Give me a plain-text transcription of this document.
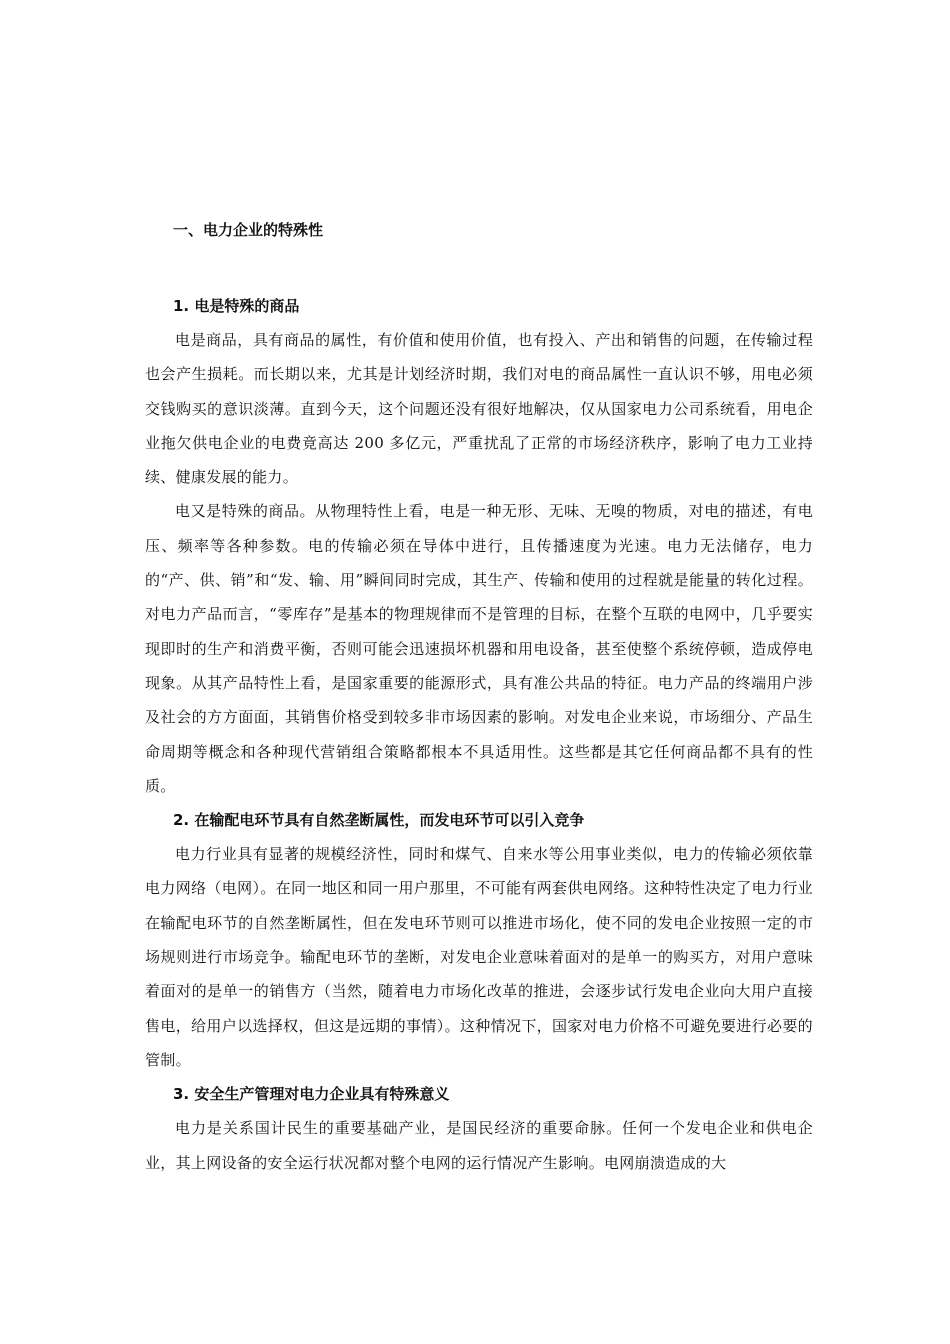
一、电力企业的特殊性
1. 电是特殊的商品

电是商品，具有商品的属性，有价值和使用价值，也有投入、产出和销售的问题，在传输过程也会产生损耗。而长期以来，尤其是计划经济时期，我们对电的商品属性一直认识不够，用电必须交钱购买的意识淡薄。直到今天，这个问题还没有很好地解决，仅从国家电力公司系统看，用电企业拖欠供电企业的电费竟高达 200 多亿元，严重扰乱了正常的市场经济秩序，影响了电力工业持续、健康发展的能力。

电又是特殊的商品。从物理特性上看，电是一种无形、无味、无嗅的物质，对电的描述，有电压、频率等各种参数。电的传输必须在导体中进行，且传播速度为光速。电力无法储存，电力的“产、供、销”和“发、输、用”瞬间同时完成，其生产、传输和使用的过程就是能量的转化过程。对电力产品而言，“零库存”是基本的物理规律而不是管理的目标，在整个互联的电网中，几乎要实现即时的生产和消费平衡，否则可能会迅速损坏机器和用电设备，甚至使整个系统停顿，造成停电现象。从其产品特性上看，是国家重要的能源形式，具有准公共品的特征。电力产品的终端用户涉及社会的方方面面，其销售价格受到较多非市场因素的影响。对发电企业来说，市场细分、产品生命周期等概念和各种现代营销组合策略都根本不具适用性。这些都是其它任何商品都不具有的性质。

2. 在输配电环节具有自然垄断属性，而发电环节可以引入竞争

电力行业具有显著的规模经济性，同时和煤气、自来水等公用事业类似，电力的传输必须依靠电力网络（电网）。在同一地区和同一用户那里，不可能有两套供电网络。这种特性决定了电力行业在输配电环节的自然垄断属性，但在发电环节则可以推进市场化，使不同的发电企业按照一定的市场规则进行市场竞争。输配电环节的垄断，对发电企业意味着面对的是单一的购买方，对用户意味着面对的是单一的销售方（当然，随着电力市场化改革的推进，会逐步试行发电企业向大用户直接售电，给用户以选择权，但这是远期的事情）。这种情况下，国家对电力价格不可避免要进行必要的管制。

3. 安全生产管理对电力企业具有特殊意义

电力是关系国计民生的重要基础产业，是国民经济的重要命脉。任何一个发电企业和供电企业，其上网设备的安全运行状况都对整个电网的运行情况产生影响。电网崩溃造成的大
